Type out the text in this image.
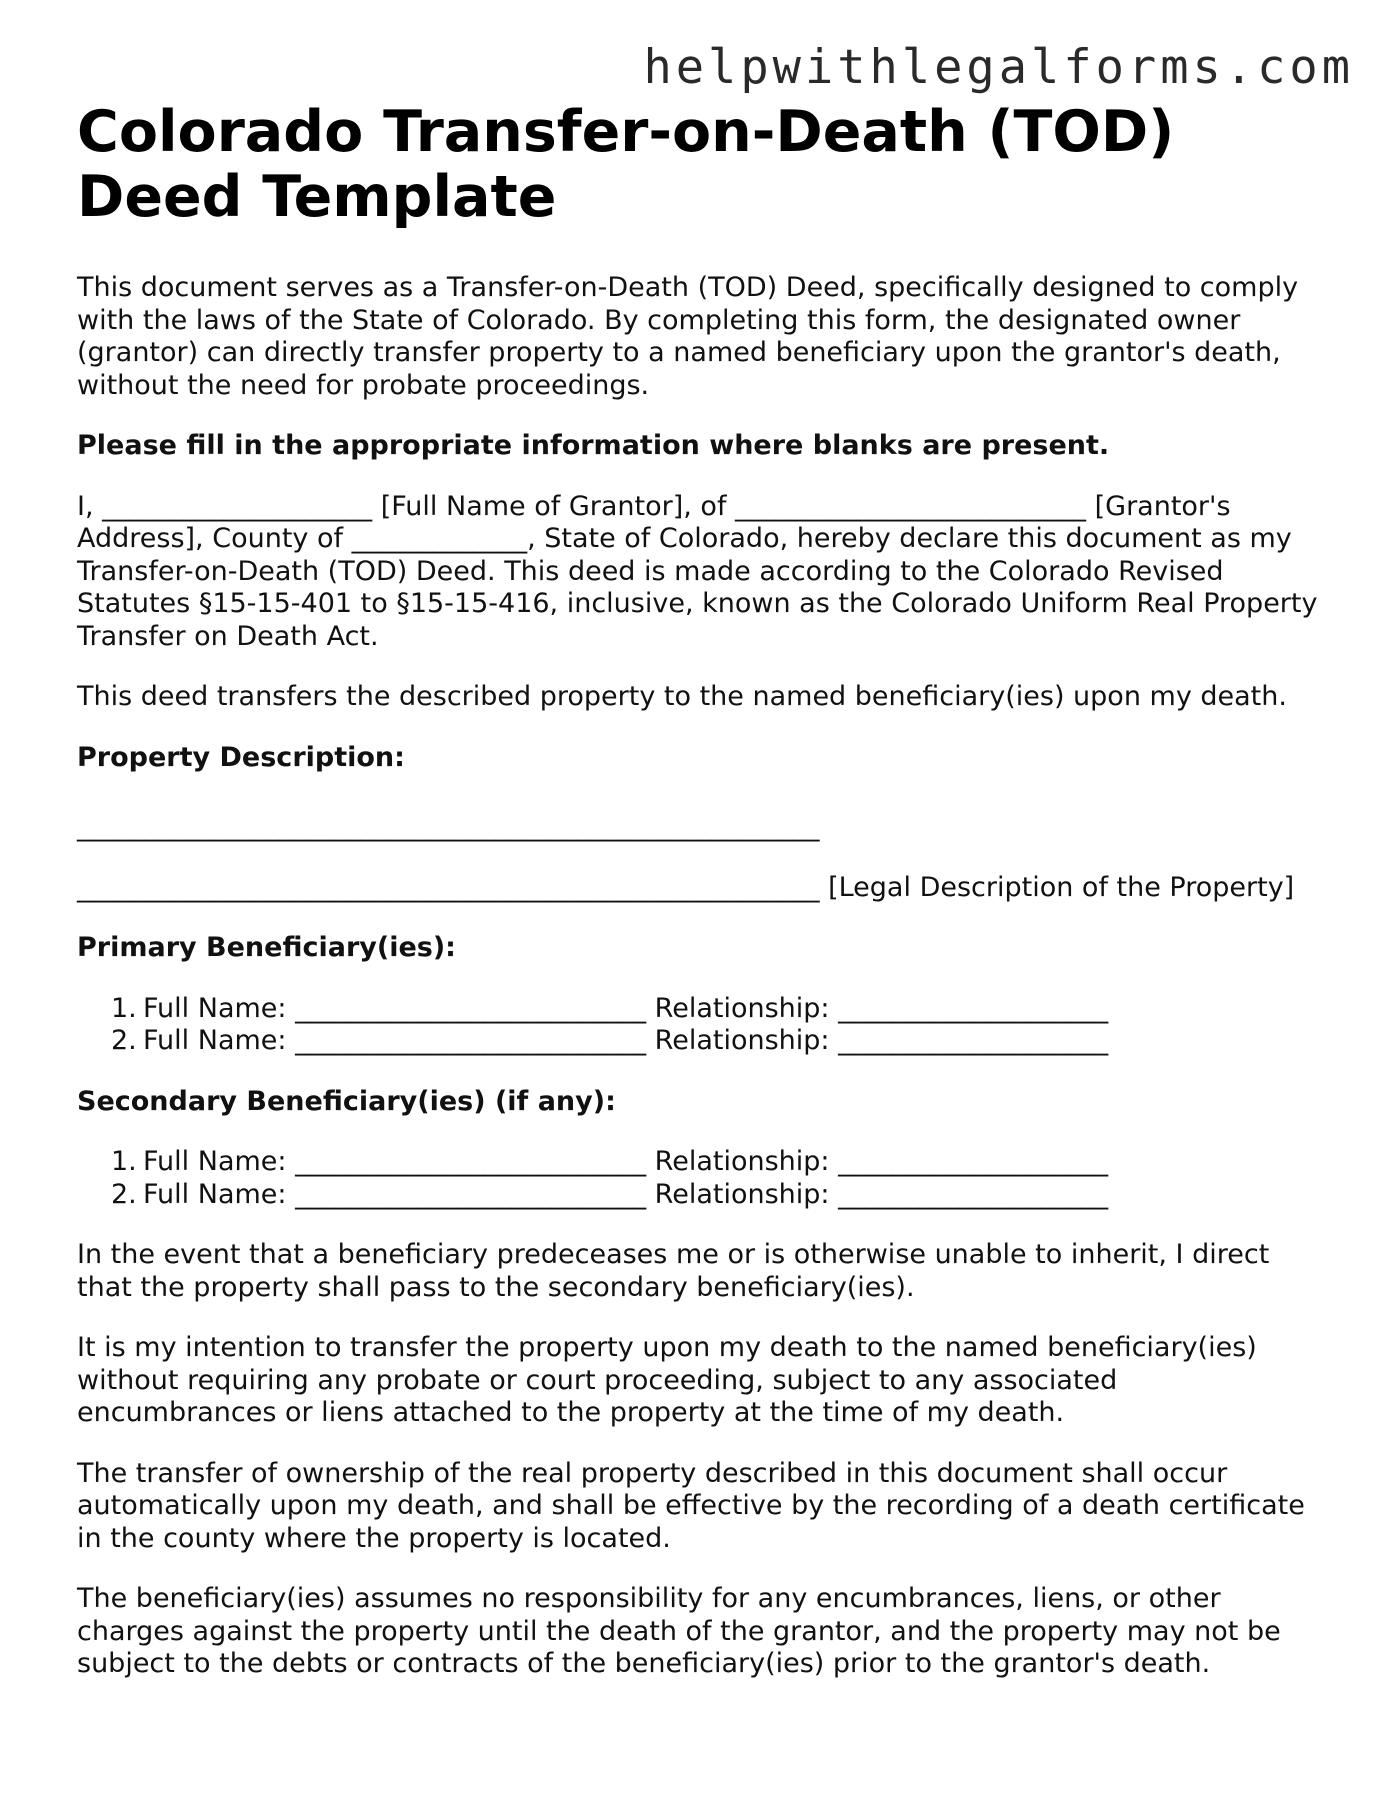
helpwithlegalforms.com
Colorado Transfer-on-Death (TOD) Deed Template

This document serves as a Transfer-on-Death (TOD) Deed, specifically designed to comply with the laws of the State of Colorado. By completing this form, the designated owner (grantor) can directly transfer property to a named beneficiary upon the grantor's death, without the need for probate proceedings.

Please fill in the appropriate information where blanks are present.

I, ____________________ [Full Name of Grantor], of __________________________ [Grantor's Address], County of _____________, State of Colorado, hereby declare this document as my Transfer-on-Death (TOD) Deed. This deed is made according to the Colorado Revised Statutes §15-15-401 to §15-15-416, inclusive, known as the Colorado Uniform Real Property Transfer on Death Act.

This deed transfers the described property to the named beneficiary(ies) upon my death.

Property Description:

_______________________________________________________

_______________________________________________________ [Legal Description of the Property]

Primary Beneficiary(ies):

1. Full Name: __________________________ Relationship: ____________________
2. Full Name: __________________________ Relationship: ____________________

Secondary Beneficiary(ies) (if any):

1. Full Name: __________________________ Relationship: ____________________
2. Full Name: __________________________ Relationship: ____________________

In the event that a beneficiary predeceases me or is otherwise unable to inherit, I direct that the property shall pass to the secondary beneficiary(ies).

It is my intention to transfer the property upon my death to the named beneficiary(ies) without requiring any probate or court proceeding, subject to any associated encumbrances or liens attached to the property at the time of my death.

The transfer of ownership of the real property described in this document shall occur automatically upon my death, and shall be effective by the recording of a death certificate in the county where the property is located.

The beneficiary(ies) assumes no responsibility for any encumbrances, liens, or other charges against the property until the death of the grantor, and the property may not be subject to the debts or contracts of the beneficiary(ies) prior to the grantor's death.
